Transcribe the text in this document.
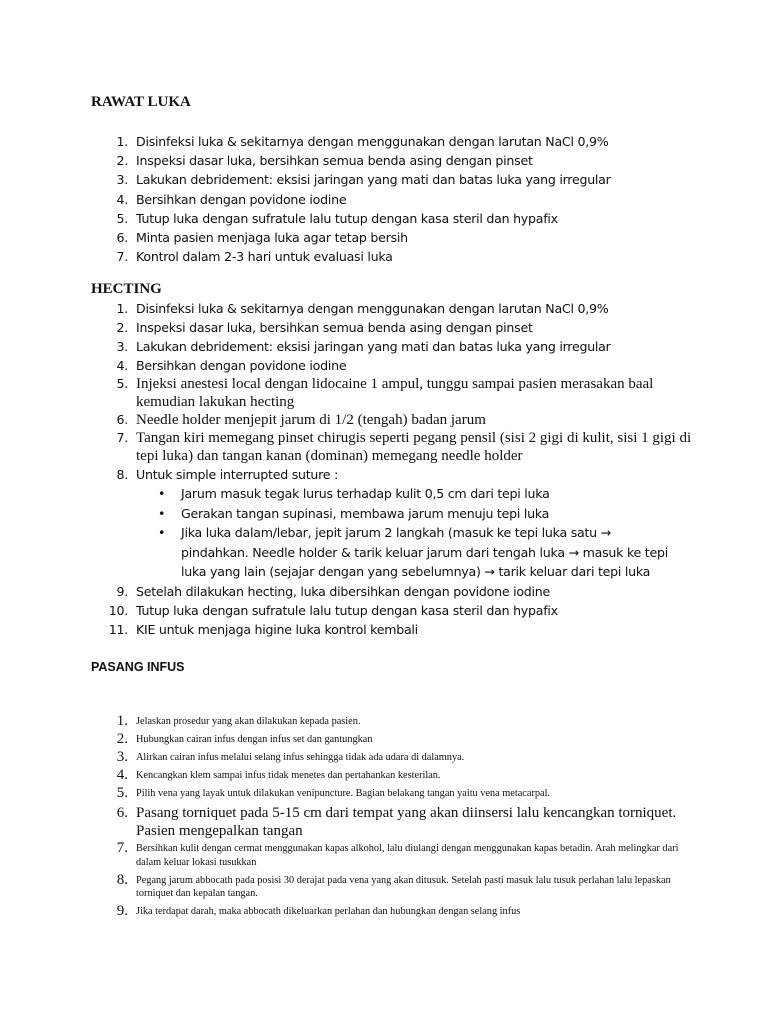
RAWAT LUKA
1. Disinfeksi luka & sekitarnya dengan menggunakan dengan larutan NaCl 0,9%
2. Inspeksi dasar luka, bersihkan semua benda asing dengan pinset
3. Lakukan debridement: eksisi jaringan yang mati dan batas luka yang irregular
4. Bersihkan dengan povidone iodine
5. Tutup luka dengan sufratule lalu tutup dengan kasa steril dan hypafix
6. Minta pasien menjaga luka agar tetap bersih
7. Kontrol dalam 2-3 hari untuk evaluasi luka
HECTING
1. Disinfeksi luka & sekitarnya dengan menggunakan dengan larutan NaCl 0,9%
2. Inspeksi dasar luka, bersihkan semua benda asing dengan pinset
3. Lakukan debridement: eksisi jaringan yang mati dan batas luka yang irregular
4. Bersihkan dengan povidone iodine
5. Injeksi anestesi local dengan lidocaine 1 ampul, tunggu sampai pasien merasakan baal kemudian lakukan hecting
6. Needle holder menjepit jarum di 1/2 (tengah) badan jarum
7. Tangan kiri memegang pinset chirugis seperti pegang pensil (sisi 2 gigi di kulit, sisi 1 gigi di tepi luka) dan tangan kanan (dominan) memegang needle holder
8. Untuk simple interrupted suture :
• Jarum masuk tegak lurus terhadap kulit 0,5 cm dari tepi luka
• Gerakan tangan supinasi, membawa jarum menuju tepi luka
• Jika luka dalam/lebar, jepit jarum 2 langkah (masuk ke tepi luka satu → pindahkan. Needle holder & tarik keluar jarum dari tengah luka → masuk ke tepi luka yang lain (sejajar dengan yang sebelumnya) → tarik keluar dari tepi luka
9. Setelah dilakukan hecting, luka dibersihkan dengan povidone iodine
10. Tutup luka dengan sufratule lalu tutup dengan kasa steril dan hypafix
11. KIE untuk menjaga higine luka kontrol kembali
PASANG INFUS
1. Jelaskan prosedur yang akan dilakukan kepada pasien.
2. Hubungkan cairan infus dengan infus set dan gantungkan
3. Alirkan cairan infus melalui selang infus sehingga tidak ada udara di dalamnya.
4. Kencangkan klem sampai infus tidak menetes dan pertahankan kesterilan.
5. Pilih vena yang layak untuk dilakukan venipuncture. Bagian belakang tangan yaitu vena metacarpal.
6. Pasang torniquet pada 5-15 cm dari tempat yang akan diinsersi lalu kencangkan torniquet. Pasien mengepalkan tangan
7. Bersihkan kulit dengan cermat menggunakan kapas alkohol, lalu diulangi dengan menggunakan kapas betadin. Arah melingkar dari dalam keluar lokasi tusukkan
8. Pegang jarum abbocath pada posisi 30 derajat pada vena yang akan ditusuk. Setelah pasti masuk lalu tusuk perlahan lalu lepaskan torniquet dan kepalan tangan.
9. Jika terdapat darah, maka abbocath dikeluarkan perlahan dan hubungkan dengan selang infus
